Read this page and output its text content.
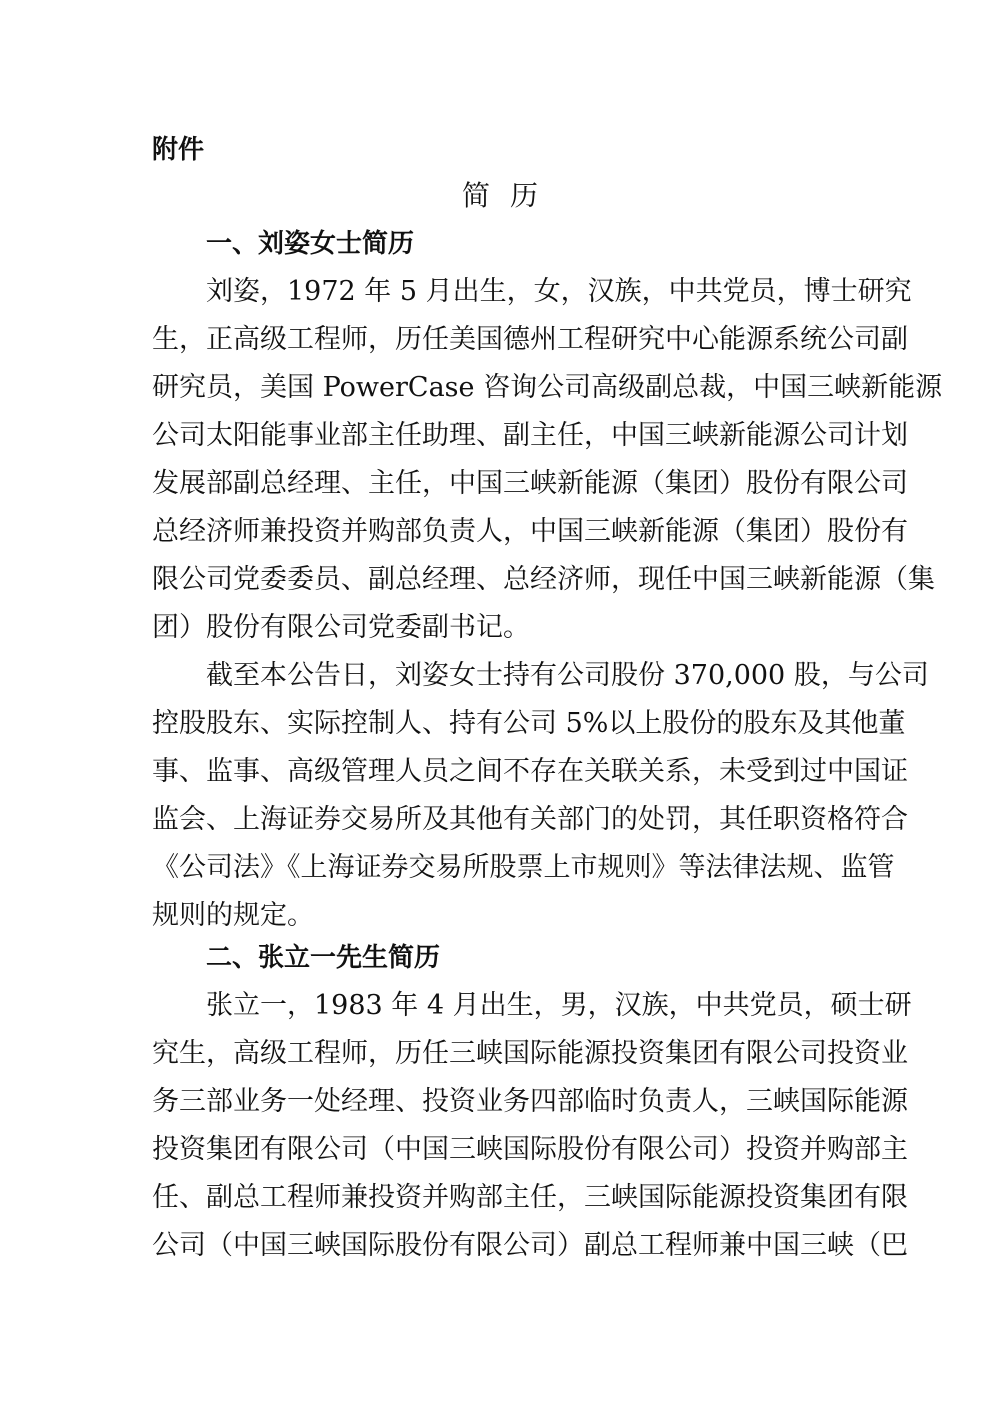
附件
简历
一、刘姿女士简历
刘姿，1972 年 5 月出生，女，汉族，中共党员，博士研究
生，正高级工程师，历任美国德州工程研究中心能源系统公司副
研究员，美国 PowerCase 咨询公司高级副总裁，中国三峡新能源
公司太阳能事业部主任助理、副主任，中国三峡新能源公司计划
发展部副总经理、主任，中国三峡新能源（集团）股份有限公司
总经济师兼投资并购部负责人，中国三峡新能源（集团）股份有
限公司党委委员、副总经理、总经济师，现任中国三峡新能源（集
团）股份有限公司党委副书记。
截至本公告日，刘姿女士持有公司股份 370,000 股，与公司
控股股东、实际控制人、持有公司 5%以上股份的股东及其他董
事、监事、高级管理人员之间不存在关联关系，未受到过中国证
监会、上海证券交易所及其他有关部门的处罚，其任职资格符合
《公司法》《上海证券交易所股票上市规则》等法律法规、监管
规则的规定。
二、张立一先生简历
张立一，1983 年 4 月出生，男，汉族，中共党员，硕士研
究生，高级工程师，历任三峡国际能源投资集团有限公司投资业
务三部业务一处经理、投资业务四部临时负责人，三峡国际能源
投资集团有限公司（中国三峡国际股份有限公司）投资并购部主
任、副总工程师兼投资并购部主任，三峡国际能源投资集团有限
公司（中国三峡国际股份有限公司）副总工程师兼中国三峡（巴
